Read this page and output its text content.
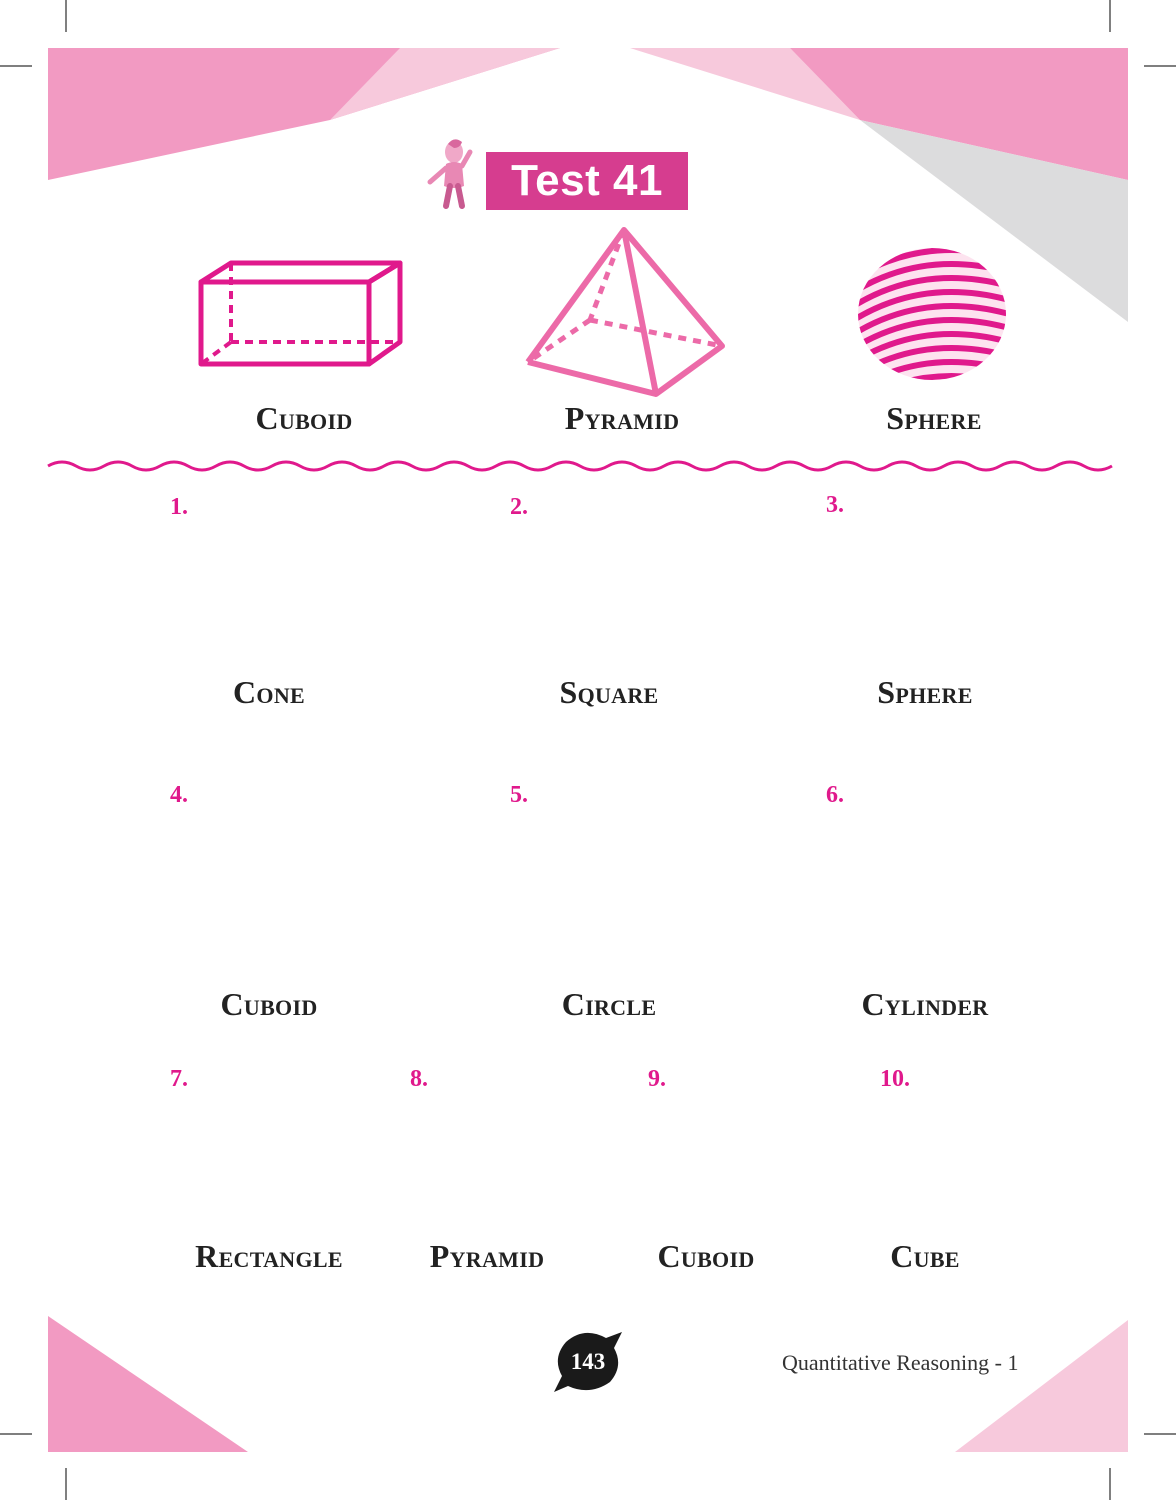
Test 41
Cuboid	Pyramid	Sphere
1.	2.	3.
Cone	Square	Sphere
4.	5.	6.
Cuboid	Circle	Cylinder
7.	8.	9.	10.
Rectangle	Pyramid	Cuboid	Cube
143	Quantitative Reasoning - 1
